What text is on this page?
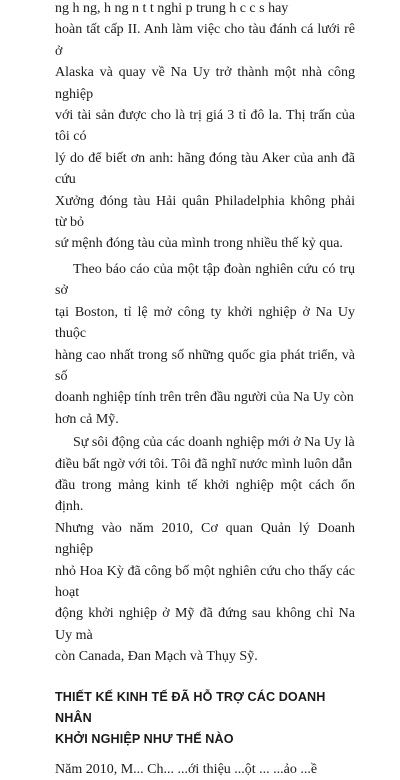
ng h ng, h ng n t t nghi p trung h c c s hay
hoàn tất cấp II. Anh làm việc cho tàu đánh cá lưới rê ở
Alaska và quay về Na Uy trở thành một nhà công nghiệp
với tài sản được cho là trị giá 3 tỉ đô la. Thị trấn của tôi có
lý do để biết ơn anh: hãng đóng tàu Aker của anh đã cứu
Xưởng đóng tàu Hải quân Philadelphia không phải từ bỏ
sứ mệnh đóng tàu của mình trong nhiều thế kỷ qua.

Theo báo cáo của một tập đoàn nghiên cứu có trụ sở
tại Boston, tỉ lệ mở công ty khởi nghiệp ở Na Uy thuộc
hàng cao nhất trong số những quốc gia phát triển, và số
doanh nghiệp tính trên trên đầu người của Na Uy còn
hơn cả Mỹ.

Sự sôi động của các doanh nghiệp mới ở Na Uy là
điều bất ngờ với tôi. Tôi đã nghĩ nước mình luôn dẫn
đầu trong mảng kinh tế khởi nghiệp một cách ổn định.
Nhưng vào năm 2010, Cơ quan Quản lý Doanh nghiệp
nhỏ Hoa Kỳ đã công bố một nghiên cứu cho thấy các hoạt
động khởi nghiệp ở Mỹ đã đứng sau không chỉ Na Uy mà
còn Canada, Đan Mạch và Thụy Sỹ.

THIẾT KẾ KINH TẾ ĐÃ HỖ TRỢ CÁC DOANH NHÂN
KHỞI NGHIỆP NHƯ THẾ NÀO

Năm 2010, M... Ch... ...ới thiệu ...ột ... ...ảo ...ề
